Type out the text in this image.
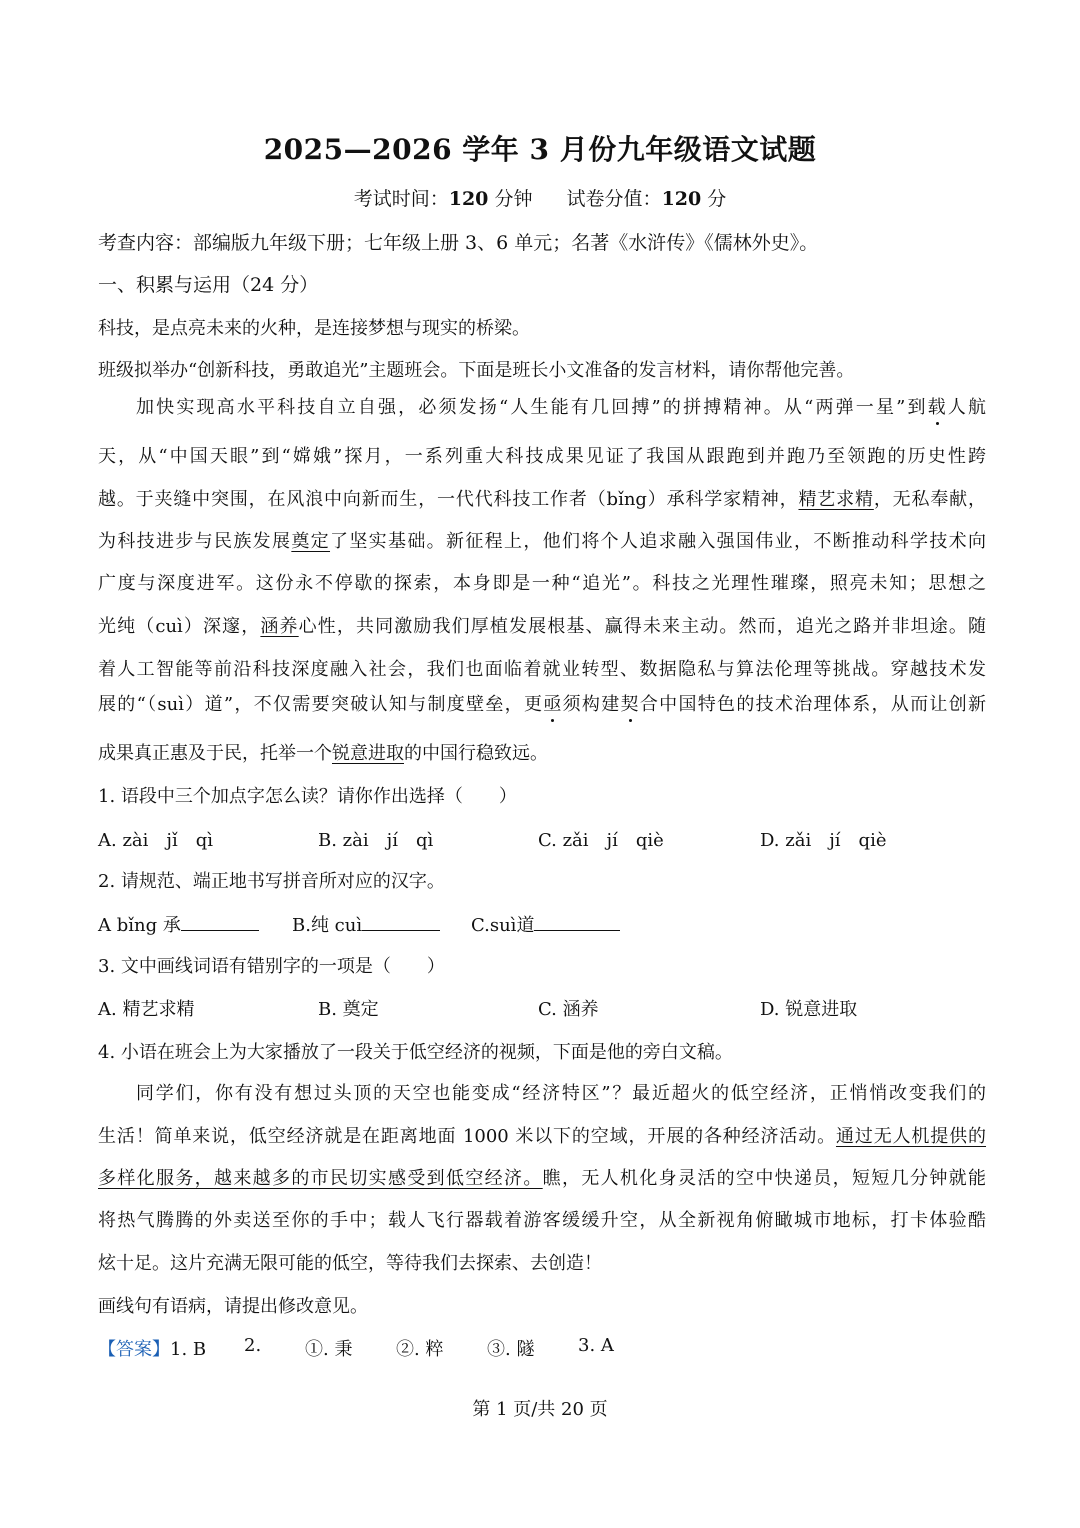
2025—2026 学年 3 月份九年级语文试题
考试时间：120 分钟 试卷分值：120 分
考查内容：部编版九年级下册；七年级上册 3、6 单元；名著《水浒传》《儒林外史》。
一、积累与运用（24 分）
科技，是点亮未来的火种，是连接梦想与现实的桥梁。
班级拟举办“创新科技，勇敢追光”主题班会。下面是班长小文准备的发言材料，请你帮他完善。
加快实现高水平科技自立自强，必须发扬“人生能有几回搏”的拼搏精神。从“两弹一星”到载人航
天，从“中国天眼”到“嫦娥”探月，一系列重大科技成果见证了我国从跟跑到并跑乃至领跑的历史性跨
越。于夹缝中突围，在风浪中向新而生，一代代科技工作者（bǐng）承科学家精神，精艺求精，无私奉献，
为科技进步与民族发展奠定了坚实基础。新征程上，他们将个人追求融入强国伟业，不断推动科学技术向
广度与深度进军。这份永不停歇的探索，本身即是一种“追光”。科技之光理性璀璨，照亮未知；思想之
光纯（cuì）深邃，涵养心性，共同激励我们厚植发展根基、赢得未来主动。然而，追光之路并非坦途。随
着人工智能等前沿科技深度融入社会，我们也面临着就业转型、数据隐私与算法伦理等挑战。穿越技术发
展的“（suì）道”，不仅需要突破认知与制度壁垒，更亟须构建契合中国特色的技术治理体系，从而让创新
成果真正惠及于民，托举一个锐意进取的中国行稳致远。
1. 语段中三个加点字怎么读？请你作出选择（　　）
A. zài　jǐ　qì	B. zài　jí　qì	C. zǎi　jí　qiè	D. zǎi　jí　qiè
2. 请规范、端正地书写拼音所对应的汉字。
A bǐng 承	B.纯 cuì	C.suì道
3. 文中画线词语有错别字的一项是（　　）
A. 精艺求精	B. 奠定	C. 涵养	D. 锐意进取
4. 小语在班会上为大家播放了一段关于低空经济的视频，下面是他的旁白文稿。
同学们，你有没有想过头顶的天空也能变成“经济特区”？最近超火的低空经济，正悄悄改变我们的
生活！简单来说，低空经济就是在距离地面 1000 米以下的空域，开展的各种经济活动。通过无人机提供的
多样化服务，越来越多的市民切实感受到低空经济。瞧，无人机化身灵活的空中快递员，短短几分钟就能
将热气腾腾的外卖送至你的手中；载人飞行器载着游客缓缓升空，从全新视角俯瞰城市地标，打卡体验酷
炫十足。这片充满无限可能的低空，等待我们去探索、去创造！
画线句有语病，请提出修改意见。
【答案】1. B 2. ①. 秉 ②. 粹 ③. 隧 3. A
第 1 页/共 20 页
